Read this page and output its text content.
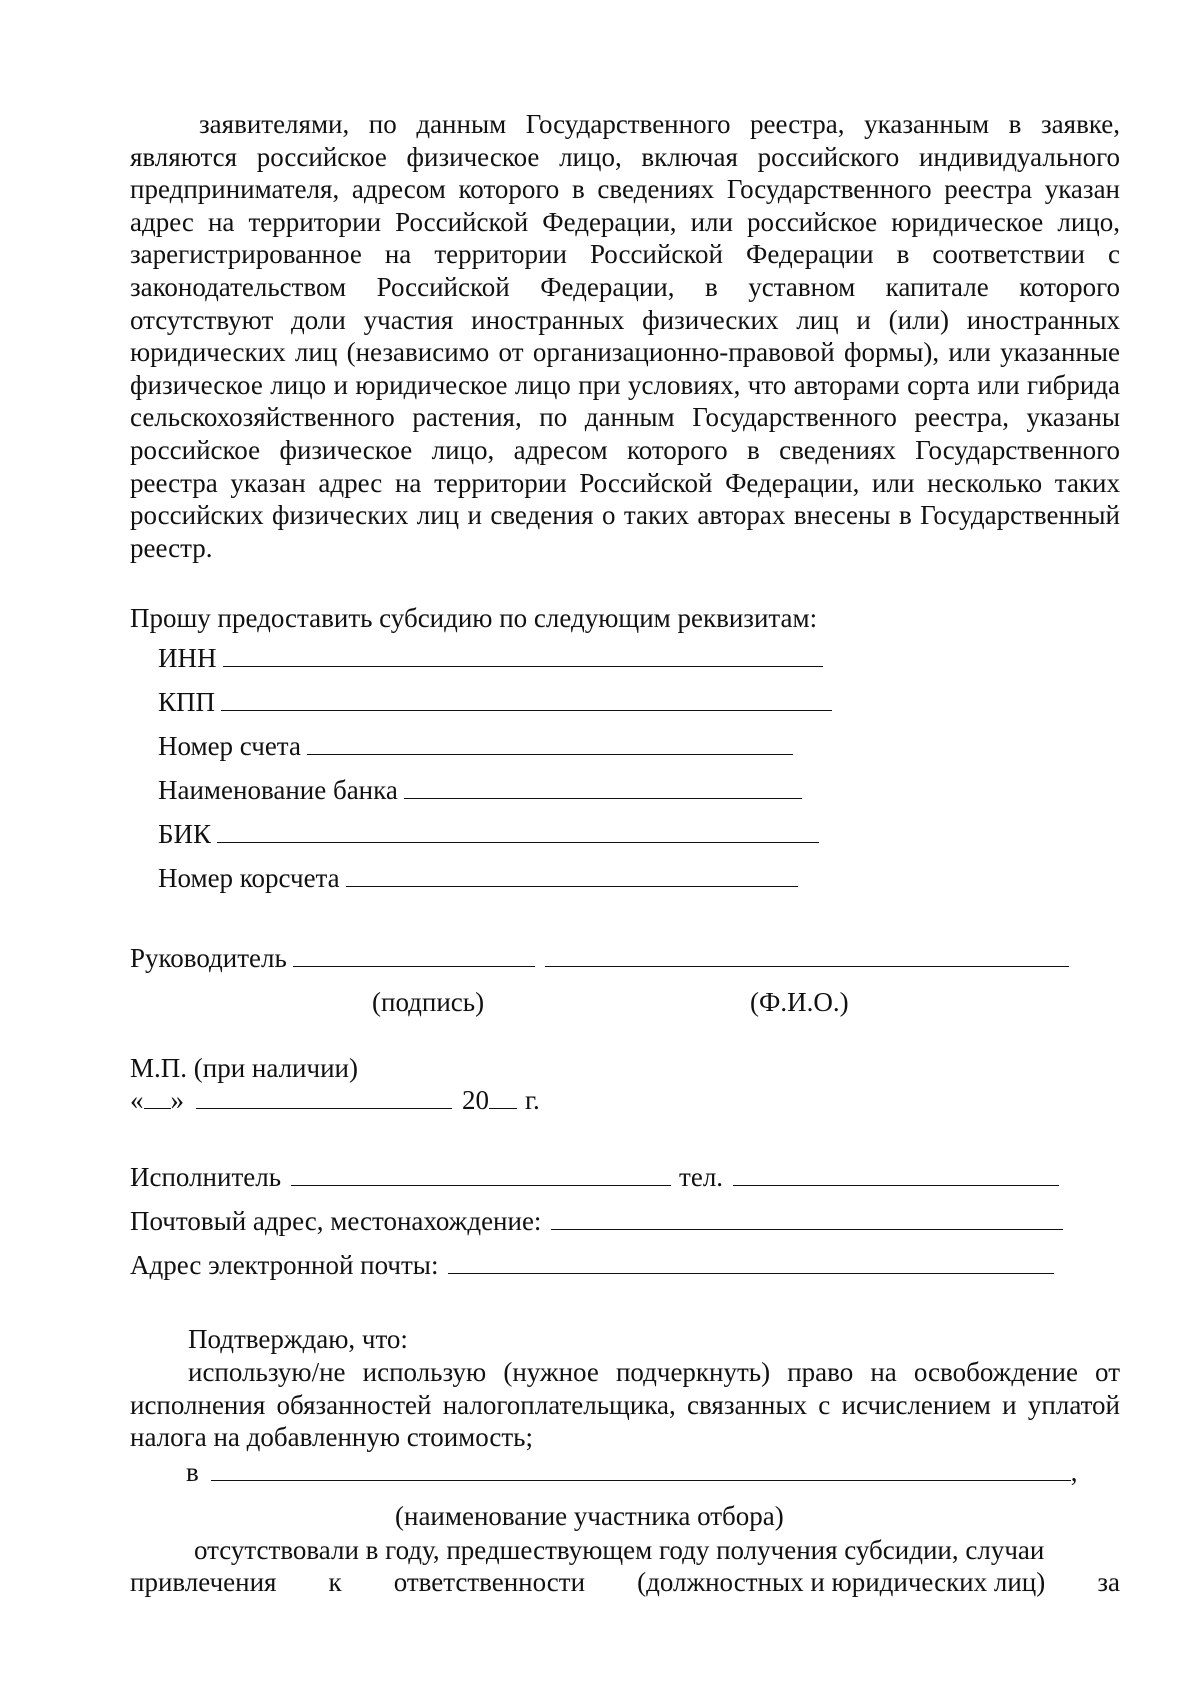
заявителями, по данным Государственного реестра, указанным в заявке, являются российское физическое лицо, включая российского индивидуального предпринимателя, адресом которого в сведениях Государственного реестра указан адрес на территории Российской Федерации, или российское юридическое лицо, зарегистрированное на территории Российской Федерации в соответствии с законодательством Российской Федерации, в уставном капитале которого отсутствуют доли участия иностранных физических лиц и (или) иностранных юридических лиц (независимо от организационно-правовой формы), или указанные физическое лицо и юридическое лицо при условиях, что авторами сорта или гибрида сельскохозяйственного растения, по данным Государственного реестра, указаны российское физическое лицо, адресом которого в сведениях Государственного реестра указан адрес на территории Российской Федерации, или несколько таких российских физических лиц и сведения о таких авторах внесены в Государственный реестр.

Прошу предоставить субсидию по следующим реквизитам:
ИНН
КПП
Номер счета
Наименование банка
БИК
Номер корсчета
Руководитель
(подпись)	(Ф.И.О.)
М.П. (при наличии)
« »	20 г.
Исполнитель	тел.
Почтовый адрес, местонахождение:
Адрес электронной почты:
Подтверждаю, что:

использую/не использую (нужное подчеркнуть) право на освобождение от исполнения обязанностей налогоплательщика, связанных с исчислением и уплатой налога на добавленную стоимость;

в	,
(наименование участника отбора)
отсутствовали в году, предшествующем году получения субсидии, случаи
привлечения к ответственности (должностных и юридических лиц) за
